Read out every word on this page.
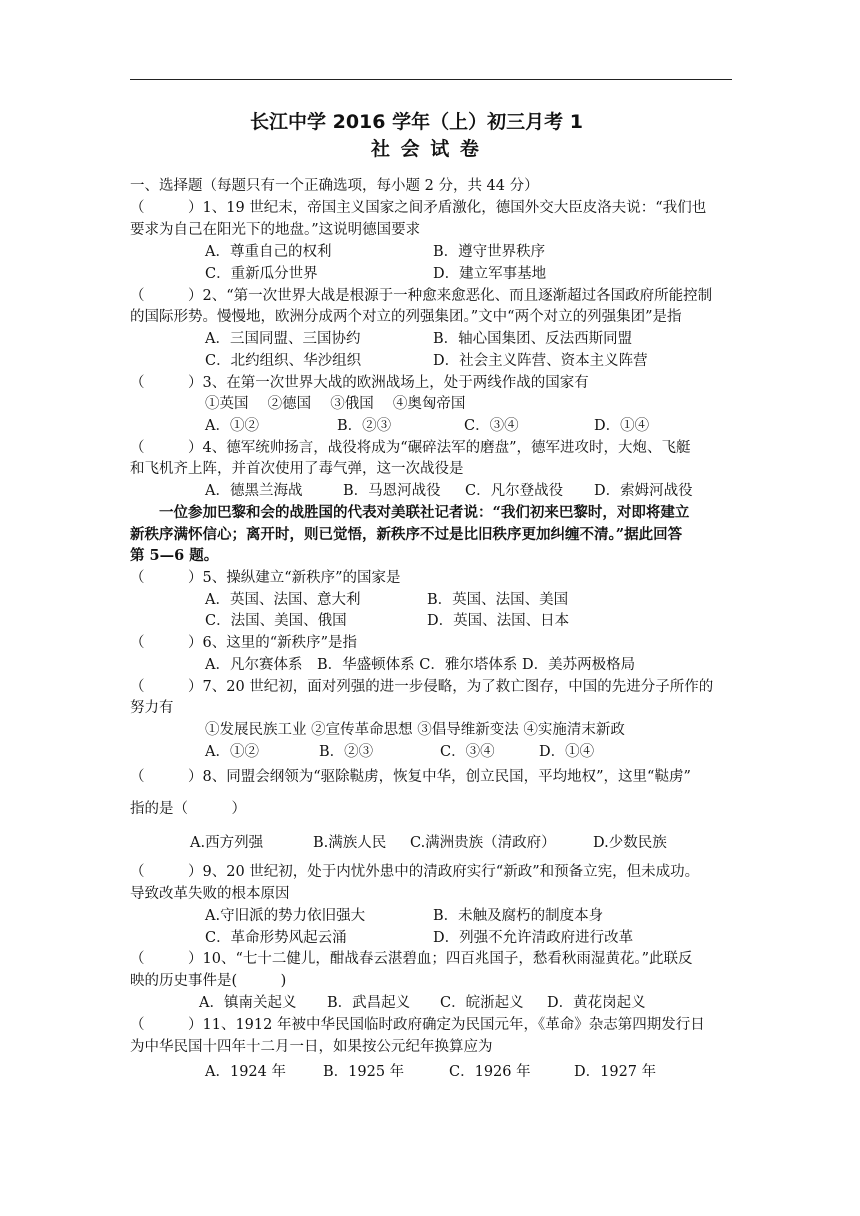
长江中学 2016 学年（上）初三月考 1
社 会 试 卷
一、选择题（每题只有一个正确选项，每小题 2 分，共 44 分）
（　　　）1、19 世纪末，帝国主义国家之间矛盾激化，德国外交大臣皮洛夫说：“我们也
要求为自己在阳光下的地盘。”这说明德国要求
A．尊重自己的权利	B．遵守世界秩序
C．重新瓜分世界	D．建立军事基地
（　　　）2、“第一次世界大战是根源于一种愈来愈恶化、而且逐渐超过各国政府所能控制
的国际形势。慢慢地，欧洲分成两个对立的列强集团。”文中“两个对立的列强集团”是指
A．三国同盟、三国协约	B．轴心国集团、反法西斯同盟
C．北约组织、华沙组织	D．社会主义阵营、资本主义阵营
（　　　）3、在第一次世界大战的欧洲战场上，处于两线作战的国家有
①英国　 ②德国　 ③俄国　 ④奥匈帝国
A．①②	B．②③	C．③④	D．①④
（　　　）4、德军统帅扬言，战役将成为“碾碎法军的磨盘”，德军进攻时，大炮、飞艇
和飞机齐上阵，并首次使用了毒气弹，这一次战役是
A．德黑兰海战	B．马恩河战役 C．凡尔登战役 D．索姆河战役
一位参加巴黎和会的战胜国的代表对美联社记者说：“我们初来巴黎时，对即将建立
新秩序满怀信心；离开时，则已觉悟，新秩序不过是比旧秩序更加纠缠不清。”据此回答
第 5—6 题。
（　　　）5、操纵建立“新秩序”的国家是
A．英国、法国、意大利	B．英国、法国、美国
C．法国、美国、俄国	D．英国、法国、日本
（　　　）6、这里的“新秩序”是指
A．凡尔赛体系　B．华盛顿体系 C．雅尔塔体系 D．美苏两极格局
（　　　）7、20 世纪初，面对列强的进一步侵略，为了救亡图存，中国的先进分子所作的
努力有
①发展民族工业 ②宣传革命思想 ③倡导维新变法 ④实施清末新政
A．①②	B．②③	C．③④	D．①④
（　　　）8、同盟会纲领为“驱除鞑虏，恢复中华，创立民国，平均地权”，这里“鞑虏”
指的是（　　　）
A.西方列强	B.满族人民 C.满洲贵族（清政府）	D.少数民族
（　　　）9、20 世纪初，处于内忧外患中的清政府实行“新政”和预备立宪，但未成功。
导致改革失败的根本原因
A.守旧派的势力依旧强大	B．未触及腐朽的制度本身
C．革命形势风起云涌	D．列强不允许清政府进行改革
（　　　）10、“七十二健儿，酣战春云湛碧血；四百兆国子，愁看秋雨湿黄花。”此联反
映的历史事件是(　　　)
A．镇南关起义 B．武昌起义 C．皖浙起义 D．黄花岗起义
（　　　）11、1912 年被中华民国临时政府确定为民国元年，《革命》杂志第四期发行日
为中华民国十四年十二月一日，如果按公元纪年换算应为
A．1924 年	B．1925 年	C．1926 年	D．1927 年
